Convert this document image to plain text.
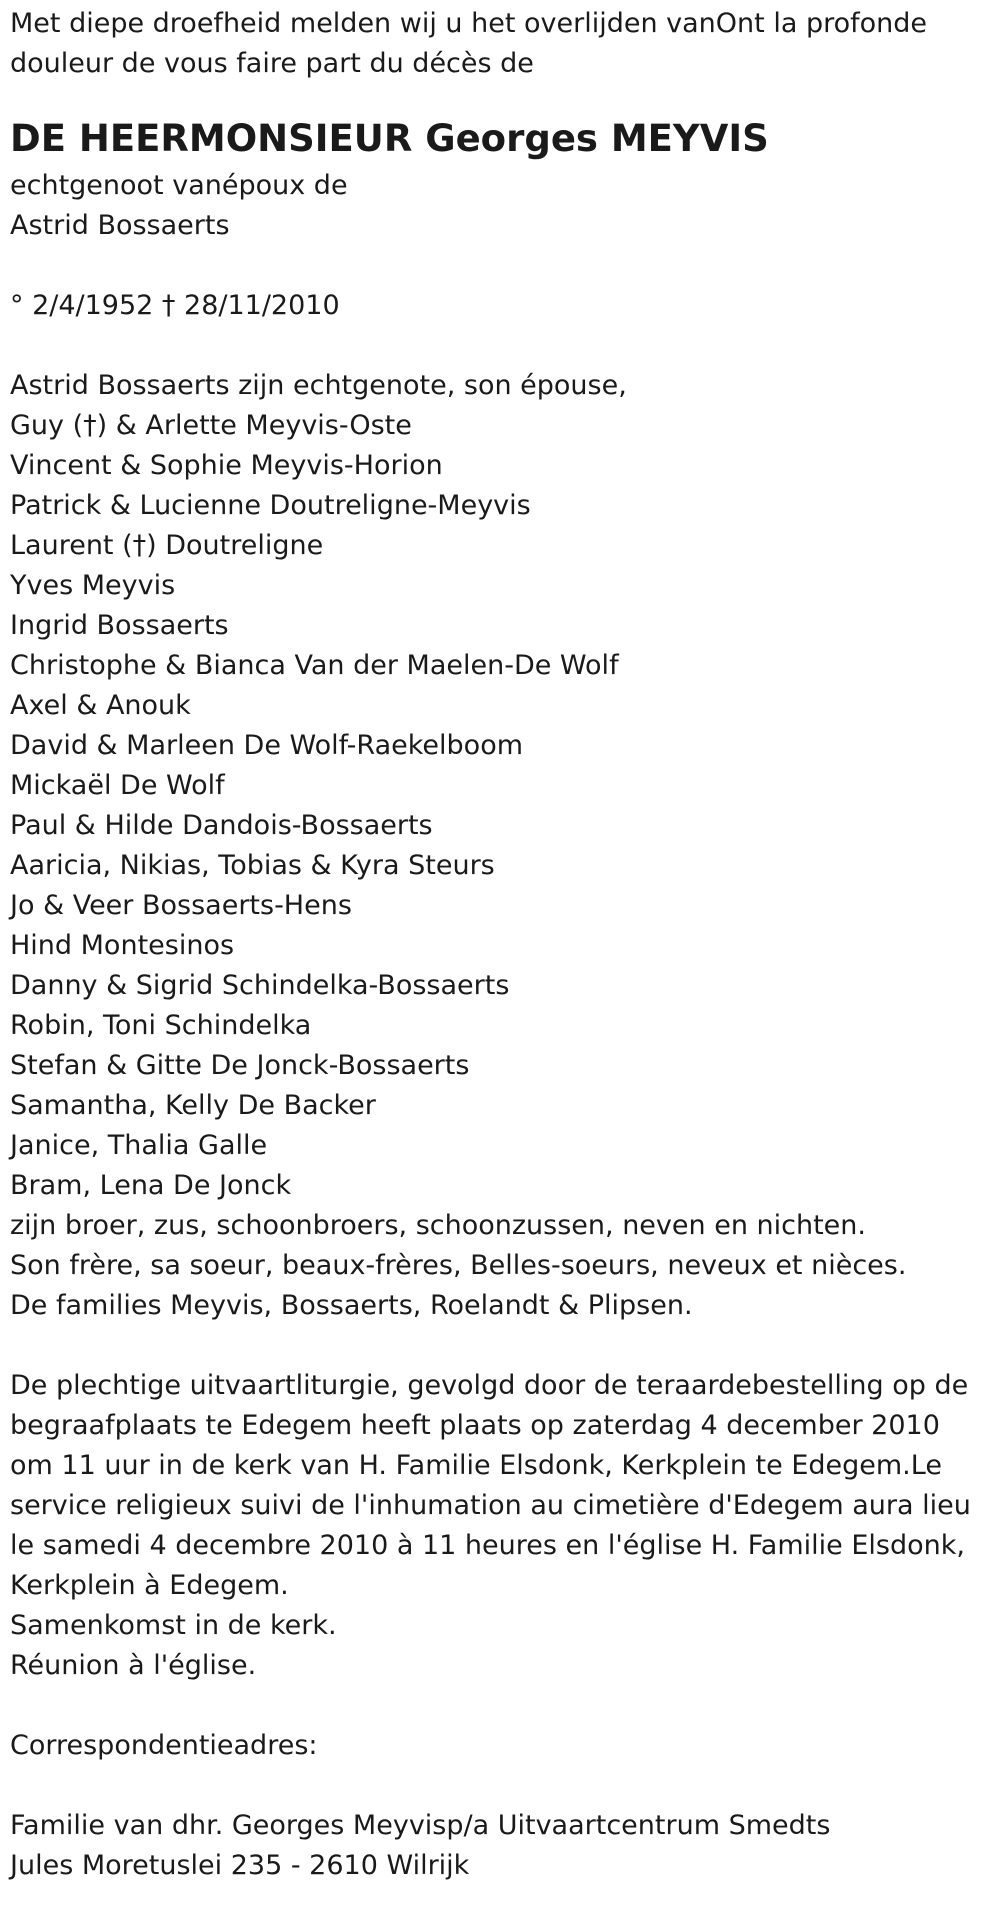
Met diepe droefheid melden wij u het overlijden vanOnt la profonde douleur de vous faire part du décès de
DE HEERMONSIEUR Georges MEYVIS
echtgenoot vanépoux de
Astrid Bossaerts
° 2/4/1952 † 28/11/2010
Astrid Bossaerts zijn echtgenote, son épouse,
Guy (†) & Arlette Meyvis-Oste
Vincent & Sophie Meyvis-Horion
Patrick & Lucienne Doutreligne-Meyvis
Laurent (†) Doutreligne
Yves Meyvis
Ingrid Bossaerts
Christophe & Bianca Van der Maelen-De Wolf
Axel & Anouk
David & Marleen De Wolf-Raekelboom
Mickaël De Wolf
Paul & Hilde Dandois-Bossaerts
Aaricia, Nikias, Tobias & Kyra Steurs
Jo & Veer Bossaerts-Hens
Hind Montesinos
Danny & Sigrid Schindelka-Bossaerts
Robin, Toni Schindelka
Stefan & Gitte De Jonck-Bossaerts
Samantha, Kelly De Backer
Janice, Thalia Galle
Bram, Lena De Jonck
zijn broer, zus, schoonbroers, schoonzussen, neven en nichten.
Son frère, sa soeur, beaux-frères, Belles-soeurs, neveux et nièces.
De families Meyvis, Bossaerts, Roelandt & Plipsen.
De plechtige uitvaartliturgie, gevolgd door de teraardebestelling op de begraafplaats te Edegem heeft plaats op zaterdag 4 december 2010 om 11 uur in de kerk van H. Familie Elsdonk, Kerkplein te Edegem.Le service religieux suivi de l'inhumation au cimetière d'Edegem aura lieu le samedi 4 decembre 2010 à 11 heures en l'église H. Familie Elsdonk, Kerkplein à Edegem.
Samenkomst in de kerk.
Réunion à l'église.
Correspondentieadres:
Familie van dhr. Georges Meyvisp/a Uitvaartcentrum Smedts
Jules Moretuslei 235 - 2610 Wilrijk
